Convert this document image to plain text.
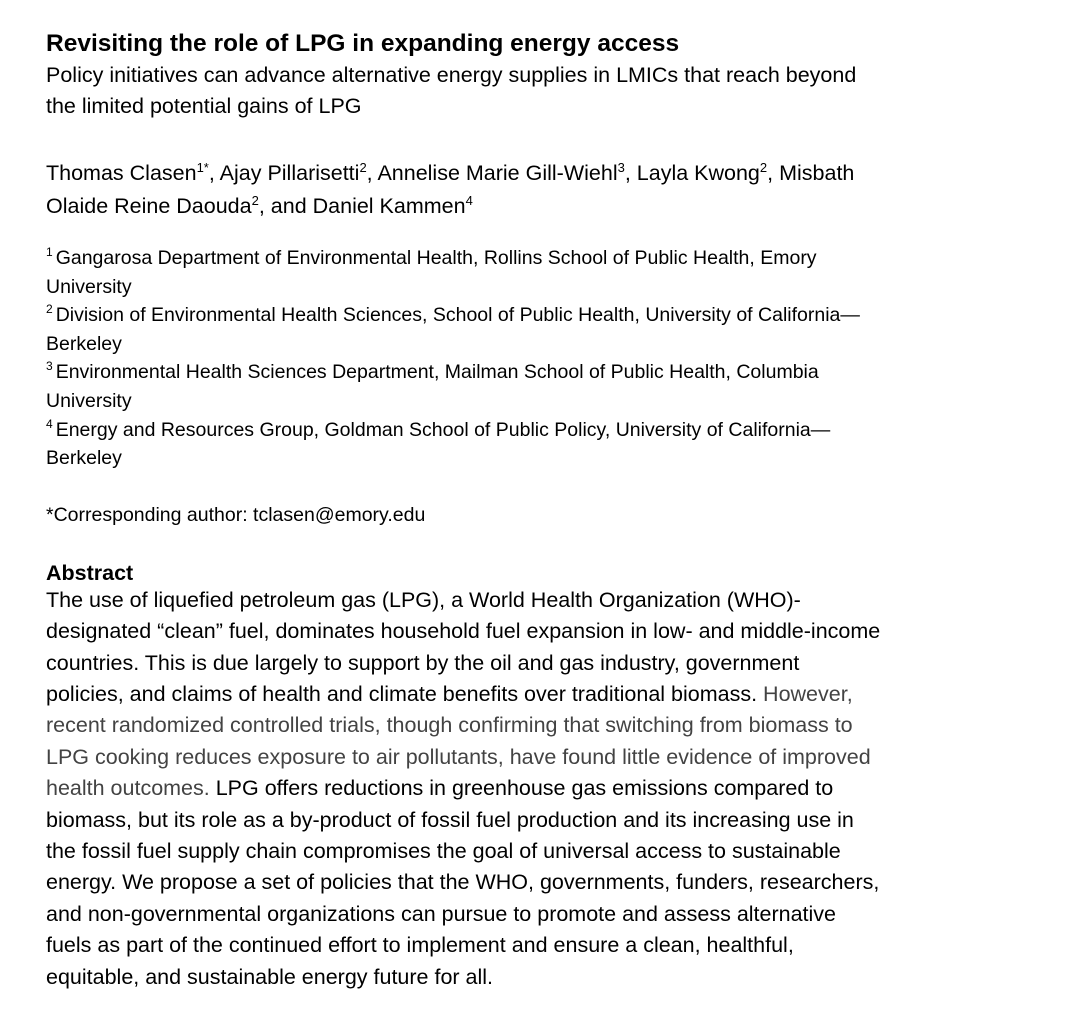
Revisiting the role of LPG in expanding energy access
Policy initiatives can advance alternative energy supplies in LMICs that reach beyond
the limited potential gains of LPG
Thomas Clasen$^{1*}$, Ajay Pillarisetti$^2$, Annelise Marie Gill-Wiehl$^3$, Layla Kwong$^2$, Misbath
Olaide Reine Daouda$^2$, and Daniel Kammen$^4$
$^1$ Gangarosa Department of Environmental Health, Rollins School of Public Health, Emory
University
$^2$ Division of Environmental Health Sciences, School of Public Health, University of California—
Berkeley
$^3$ Environmental Health Sciences Department, Mailman School of Public Health, Columbia
University
$^4$ Energy and Resources Group, Goldman School of Public Policy, University of California—
Berkeley
*Corresponding author: tclasen@emory.edu
Abstract
The use of liquefied petroleum gas (LPG), a World Health Organization (WHO)-
designated “clean” fuel, dominates household fuel expansion in low- and middle-income
countries. This is due largely to support by the oil and gas industry, government
policies, and claims of health and climate benefits over traditional biomass. However,
recent randomized controlled trials, though confirming that switching from biomass to
LPG cooking reduces exposure to air pollutants, have found little evidence of improved
health outcomes. LPG offers reductions in greenhouse gas emissions compared to
biomass, but its role as a by-product of fossil fuel production and its increasing use in
the fossil fuel supply chain compromises the goal of universal access to sustainable
energy. We propose a set of policies that the WHO, governments, funders, researchers,
and non-governmental organizations can pursue to promote and assess alternative
fuels as part of the continued effort to implement and ensure a clean, healthful,
equitable, and sustainable energy future for all.
